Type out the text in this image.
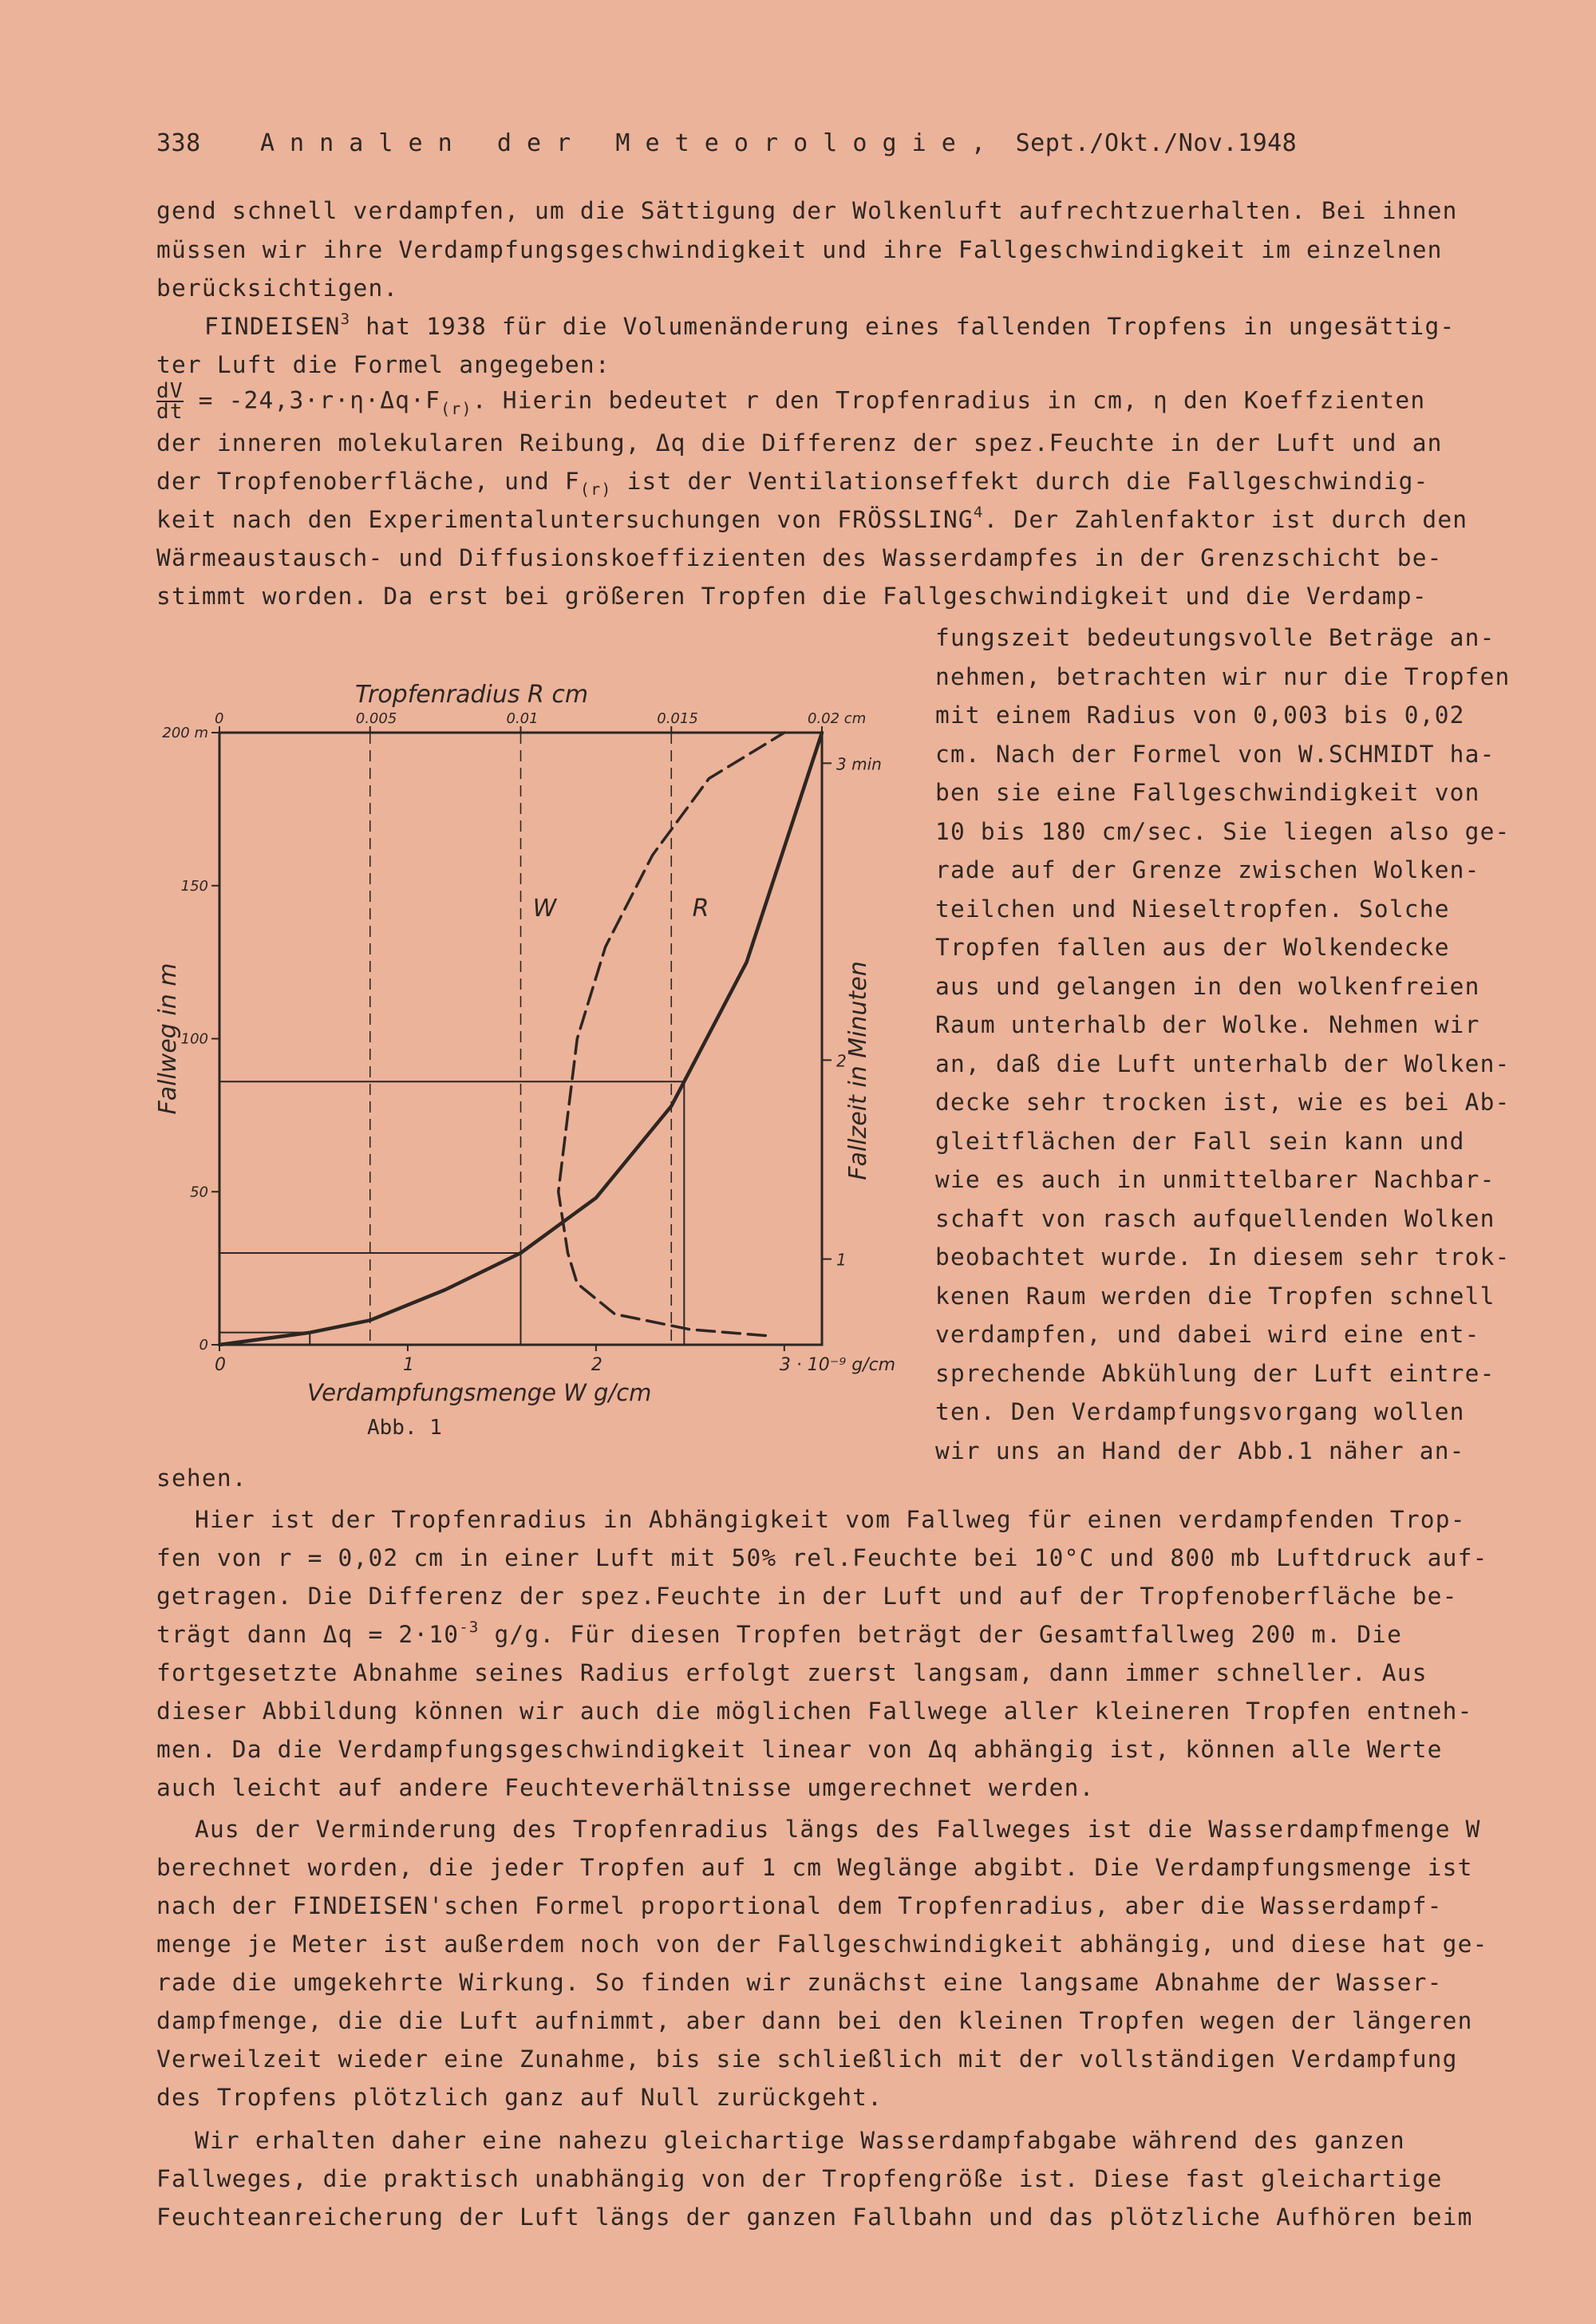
338 A n n a l e n   d e r   M e t e o r o l o g i e , Sept./Okt./Nov.1948
gend schnell verdampfen, um die Sättigung der Wolkenluft aufrechtzuerhalten. Bei ihnen
müssen wir ihre Verdampfungsgeschwindigkeit und ihre Fallgeschwindigkeit im einzelnen
berücksichtigen.
FINDEISEN$^3$ hat 1938 für die Volumenänderung eines fallenden Tropfens in ungesättig-
ter Luft die Formel angegeben:
$\frac{dV}{dt} = -24,3\cdot r\cdot\eta\cdot\Delta q\cdot F_{(r)}$. Hierin bedeutet r den Tropfenradius in cm, η den Koeffzienten
der inneren molekularen Reibung, Δq die Differenz der spez.Feuchte in der Luft und an
der Tropfenoberfläche, und $F_{(r)}$ ist der Ventilationseffekt durch die Fallgeschwindig-
keit nach den Experimentaluntersuchungen von FRÖSSLING$^4$. Der Zahlenfaktor ist durch den
Wärmeaustausch- und Diffusionskoeffizienten des Wasserdampfes in der Grenzschicht be-
stimmt worden. Da erst bei größeren Tropfen die Fallgeschwindigkeit und die Verdamp-
fungszeit bedeutungsvolle Beträge an-
nehmen, betrachten wir nur die Tropfen
mit einem Radius von 0,003 bis 0,02
cm. Nach der Formel von W.SCHMIDT ha-
ben sie eine Fallgeschwindigkeit von
10 bis 180 cm/sec. Sie liegen also ge-
rade auf der Grenze zwischen Wolken-
teilchen und Nieseltropfen. Solche
Tropfen fallen aus der Wolkendecke
aus und gelangen in den wolkenfreien
Raum unterhalb der Wolke. Nehmen wir
an, daß die Luft unterhalb der Wolken-
decke sehr trocken ist, wie es bei Ab-
gleitflächen der Fall sein kann und
wie es auch in unmittelbarer Nachbar-
schaft von rasch aufquellenden Wolken
beobachtet wurde. In diesem sehr trok-
kenen Raum werden die Tropfen schnell
verdampfen, und dabei wird eine ent-
sprechende Abkühlung der Luft eintre-
ten. Den Verdampfungsvorgang wollen
wir uns an Hand der Abb.1 näher an-
W	R
0	0.005	0.01	0.015	0.02 cm
Tropfenradius R cm
0	1	2	3 · 10⁻⁹ g/cm
Verdampfungsmenge W g/cm
Abb. 1
0
50
100
150
200 m
Fallweg in m
1
2
3 min
Fallzeit in Minuten
sehen.
Hier ist der Tropfenradius in Abhängigkeit vom Fallweg für einen verdampfenden Trop-
fen von r = 0,02 cm in einer Luft mit 50% rel.Feuchte bei 10°C und 800 mb Luftdruck auf-
getragen. Die Differenz der spez.Feuchte in der Luft und auf der Tropfenoberfläche be-
trägt dann $\Delta q = 2\cdot 10^{-3}$ g/g. Für diesen Tropfen beträgt der Gesamtfallweg 200 m. Die
fortgesetzte Abnahme seines Radius erfolgt zuerst langsam, dann immer schneller. Aus
dieser Abbildung können wir auch die möglichen Fallwege aller kleineren Tropfen entneh-
men. Da die Verdampfungsgeschwindigkeit linear von Δq abhängig ist, können alle Werte
auch leicht auf andere Feuchteverhältnisse umgerechnet werden.
Aus der Verminderung des Tropfenradius längs des Fallweges ist die Wasserdampfmenge W
berechnet worden, die jeder Tropfen auf 1 cm Weglänge abgibt. Die Verdampfungsmenge ist
nach der FINDEISEN'schen Formel proportional dem Tropfenradius, aber die Wasserdampf-
menge je Meter ist außerdem noch von der Fallgeschwindigkeit abhängig, und diese hat ge-
rade die umgekehrte Wirkung. So finden wir zunächst eine langsame Abnahme der Wasser-
dampfmenge, die die Luft aufnimmt, aber dann bei den kleinen Tropfen wegen der längeren
Verweilzeit wieder eine Zunahme, bis sie schließlich mit der vollständigen Verdampfung
des Tropfens plötzlich ganz auf Null zurückgeht.
Wir erhalten daher eine nahezu gleichartige Wasserdampfabgabe während des ganzen
Fallweges, die praktisch unabhängig von der Tropfengröße ist. Diese fast gleichartige
Feuchteanreicherung der Luft längs der ganzen Fallbahn und das plötzliche Aufhören beim
